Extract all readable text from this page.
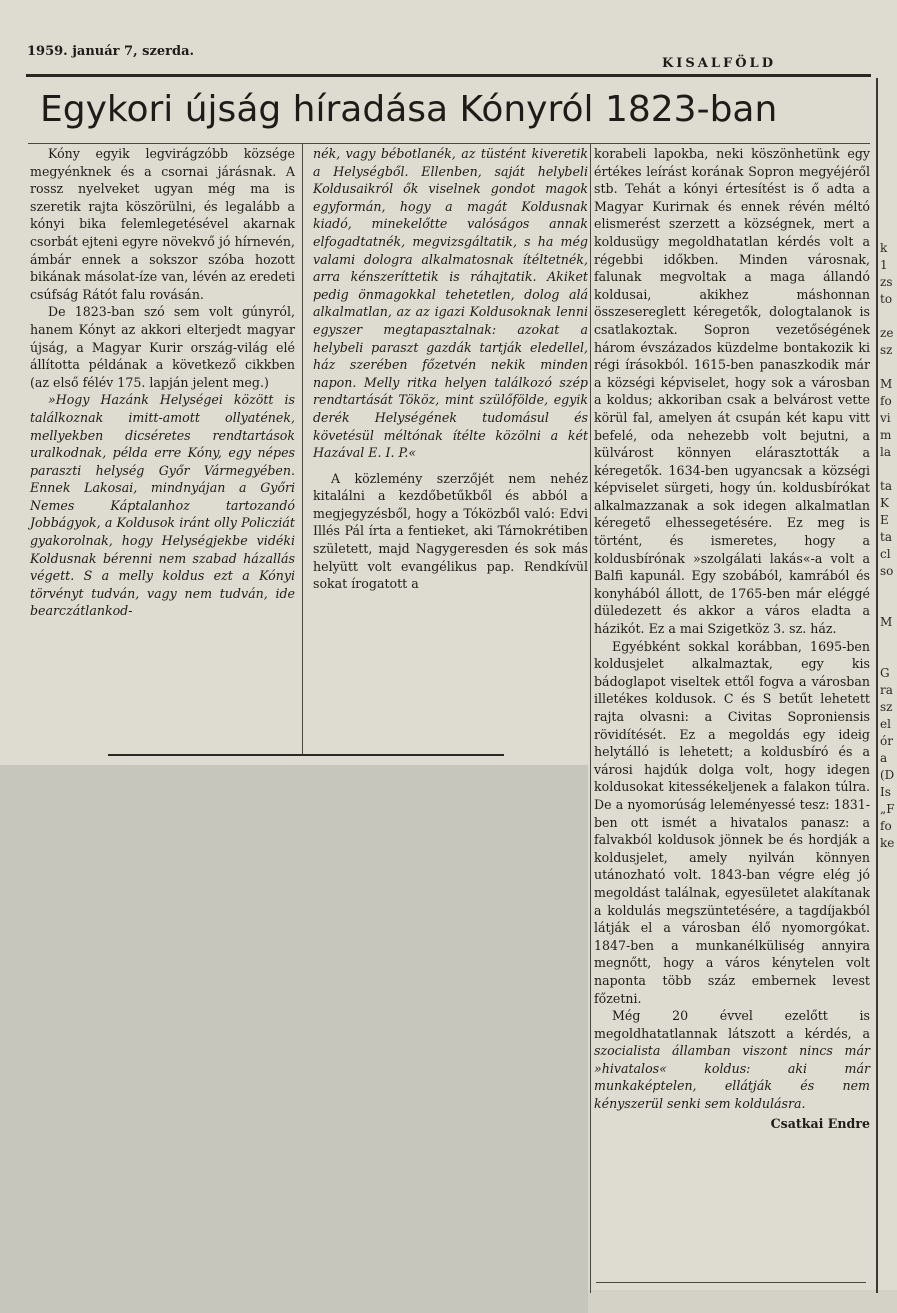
1959. január 7, szerda.
KISALFÖLD
Egykori újság híradása Kónyról 1823-ban

Kóny egyik legvirágzóbb községe megyénknek és a csornai járásnak. A rossz nyelveket ugyan még ma is szeretik rajta köszörülni, és legalább a kónyi bika felemlegetésével akarnak csorbát ejteni egyre növekvő jó hírnevén, ámbár ennek a sokszor szóba hozott bikának másolat-íze van, lévén az eredeti csúfság Rátót falu rovásán.

De 1823-ban szó sem volt gúnyról, hanem Kónyt az akkori elterjedt magyar újság, a Magyar Kurir ország-világ elé állította példának a következő cikkben (az első félév 175. lapján jelent meg.)

»Hogy Hazánk Helységei között is találkoznak imitt-amott ollyatének, mellyekben dicséretes rendtartások uralkodnak, példa erre Kóny, egy népes paraszti helység Győr Vármegyében. Ennek Lakosai, mindnyájan a Győri Nemes Káptalanhoz tartozandó Jobbágyok, a Koldusok iránt olly Policziát gyakorolnak, hogy Helységjekbe vidéki Koldusnak bérenni nem szabad házallás végett. S a melly koldus ezt a Kónyi törvényt tudván, vagy nem tudván, ide bearczátlankod-

nék, vagy bébotlanék, az tüstént kiveretik a Helységből. Ellenben, saját helybeli Koldusaikról ők viselnek gondot magok egyformán, hogy a magát Koldusnak kiadó, minekelőtte valóságos annak elfogadtatnék, megvizsgáltatik, s ha még valami dologra alkalmatosnak ítéltetnék, arra kénszeríttetik is ráhajtatik. Akiket pedig önmagokkal tehetetlen, dolog alá alkalmatlan, az az igazi Koldusoknak lenni egyszer megtapasztalnak: azokat a helybeli paraszt gazdák tartják eledellel, ház szerében főzetvén nekik minden napon. Melly ritka helyen találkozó szép rendtartását Tököz, mint szülőfölde, egyik derék Helységének tudomásul és követésül méltónak ítélte közölni a két Hazával E. I. P.«

A közlemény szerzőjét nem nehéz kitalálni a kezdőbetűkből és abból a megjegyzésből, hogy a Tóközből való: Edvi Illés Pál írta a fentieket, aki Tárnokrétiben született, majd Nagygeresden és sok más helyütt volt evangélikus pap. Rendkívül sokat írogatott a

korabeli lapokba, neki köszönhetünk egy értékes leírást korának Sopron megyéjéről stb. Tehát a kónyi értesítést is ő adta a Magyar Kurirnak és ennek révén méltó elismerést szerzett a községnek, mert a koldusügy megoldhatatlan kérdés volt a régebbi időkben. Minden városnak, falunak megvoltak a maga állandó koldusai, akikhez máshonnan összesereglett kéregetők, dologtalanok is csatlakoztak. Sopron vezetőségének három évszázados küzdelme bontakozik ki régi írásokból. 1615-ben panaszkodik már a községi képviselet, hogy sok a városban a koldus; akkoriban csak a belvárost vette körül fal, amelyen át csupán két kapu vitt befelé, oda nehezebb volt bejutni, a külvárost könnyen elárasztották a kéregetők. 1634-ben ugyancsak a községi képviselet sürgeti, hogy ún. koldusbírókat alkalmazzanak a sok idegen alkalmatlan kéregető elhessegetésére. Ez meg is történt, és ismeretes, hogy a koldusbírónak »szolgálati lakás«-a volt a Balfi kapunál. Egy szobából, kamrából és konyhából állott, de 1765-ben már eléggé düledezett és akkor a város eladta a házikót. Ez a mai Szigetköz 3. sz. ház.

Egyébként sokkal korábban, 1695-ben koldusjelet alkalmaztak, egy kis bádoglapot viseltek ettől fogva a városban illetékes koldusok. C és S betűt lehetett rajta olvasni: a Civitas Soproniensis rövidítését. Ez a megoldás egy ideig helytálló is lehetett; a koldusbíró és a városi hajdúk dolga volt, hogy idegen koldusokat kitessékeljenek a falakon túlra. De a nyomorúság leleményessé tesz: 1831-ben ott ismét a hivatalos panasz: a falvakból koldusok jönnek be és hordják a koldusjelet, amely nyilván könnyen utánozható volt. 1843-ban végre elég jó megoldást találnak, egyesületet alakítanak a koldulás megszüntetésére, a tagdíjakból látják el a városban élő nyomorgókat. 1847-ben a munkanélküliség annyira megnőtt, hogy a város kénytelen volt naponta több száz embernek levest főzetni.

Még 20 évvel ezelőtt is megoldhatatlannak látszott a kérdés, a szocialista államban viszont nincs már »hivatalos« koldus: aki már munkaképtelen, ellátják és nem kényszerül senki sem koldulásra.

Csatkai Endre
k
1
zs
to

ze
sz

M
fo
vi
m
la

ta
K
E
ta
cl
so

M

G
ra
sz
el
ór
a
(D
Is
„F
fo
ke
